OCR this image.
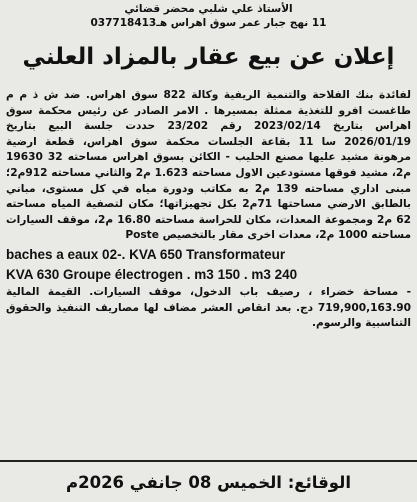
الأستاذ علي شلبي محضر قضائي
11 نهج جبار عمر سوق اهراس هـ037718413
إعلان عن بيع عقار بالمزاد العلني

لفائدة بنك الفلاحة والتنمية الريفية وكالة 822 سوق اهراس. ضد ش ذ م م طاغست افرو للتغذية ممثلة بمسيرها . الامر الصادر عن رئيس محكمة سوق اهراس بتاريخ 2023/02/14 رقم 23/202 حددت جلسة البيع بتاريخ 2026/01/19 سا 11 بقاعة الجلسات محكمة سوق اهراس، قطعة ارضية مرهونة مشيد عليها مصنع الحليب - الكائن بسوق اهراس مساحته 32 19630 م2، مشيد فوقها مستودعين الاول مساحته 1.623 م2 والثاني مساحته 912م2؛ مبنى اداري مساحته 139 م2 به مكاتب ودورة مياه في كل مستوى، مباني بالطابق الارضي مساحتها 71م2 بكل تجهيزاتها؛ مكان لتصفية المياه مساحته 62 م2 ومجموعة المعدات، مكان للحراسة مساحته 16.80 م2، موقف السيارات مساحته 1000 م2، معدات اخرى مقار بالتخصيص Poste

baches a eaux 02-. KVA 650 Transformateur
KVA 630 Groupe électrogen . m3 150 . m3 240

- مساحة خضراء ، رصيف باب الدخول، موقف السيارات. القيمة المالية 719,900,163.90 دج. بعد انقاص العشر مضاف لها مصاريف التنفيذ والحقوق التناسبية والرسوم.

الوقائع: الخميس 08 جانفي 2026م
